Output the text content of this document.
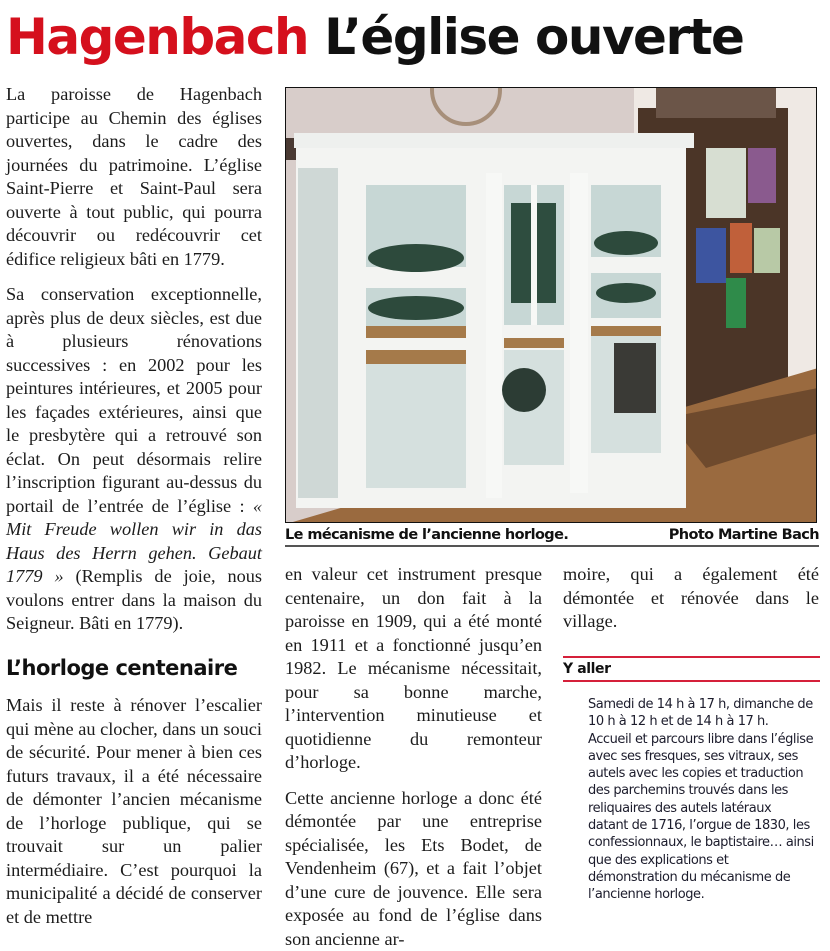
Hagenbach L’église ouverte

La paroisse de Hagenbach participe au Chemin des églises ouvertes, dans le cadre des journées du patrimoine. L’église Saint-Pierre et Saint-Paul sera ouverte à tout public, qui pourra découvrir ou redécouvrir cet édifice religieux bâti en 1779.

Sa conservation exceptionnelle, après plus de deux siècles, est due à plusieurs rénovations successives : en 2002 pour les peintures intérieures, et 2005 pour les façades extérieures, ainsi que le presbytère qui a retrouvé son éclat. On peut désormais relire l’inscription figurant au-dessus du portail de l’entrée de l’église : « Mit Freude wollen wir in das Haus des Herrn gehen. Gebaut 1779 » (Remplis de joie, nous voulons entrer dans la maison du Seigneur. Bâti en 1779).

L’horloge centenaire

Mais il reste à rénover l’escalier qui mène au clocher, dans un souci de sécurité. Pour mener à bien ces futurs travaux, il a été nécessaire de démonter l’ancien mécanisme de l’horloge publique, qui se trouvait sur un palier intermédiaire. C’est pourquoi la municipalité a décidé de conserver et de mettre

Le mécanisme de l’ancienne horloge.	Photo Martine Bach

en valeur cet instrument presque centenaire, un don fait à la paroisse en 1909, qui a été monté en 1911 et a fonctionné jusqu’en 1982. Le mécanisme nécessitait, pour sa bonne marche, l’intervention minutieuse et quotidienne du remonteur d’horloge.

Cette ancienne horloge a donc été démontée par une entreprise spécialisée, les Ets Bodet, de Vendenheim (67), et a fait l’objet d’une cure de jouvence. Elle sera exposée au fond de l’église dans son ancienne ar-

moire, qui a également été démontée et rénovée dans le village.

Y aller

Samedi de 14 h à 17 h, dimanche de 10 h à 12 h et de 14 h à 17 h.

Accueil et parcours libre dans l’église avec ses fresques, ses vitraux, ses autels avec les copies et traduction des parchemins trouvés dans les reliquaires des autels latéraux datant de 1716, l’orgue de 1830, les confessionnaux, le baptistaire… ainsi que des explications et démonstration du mécanisme de l’ancienne horloge.
